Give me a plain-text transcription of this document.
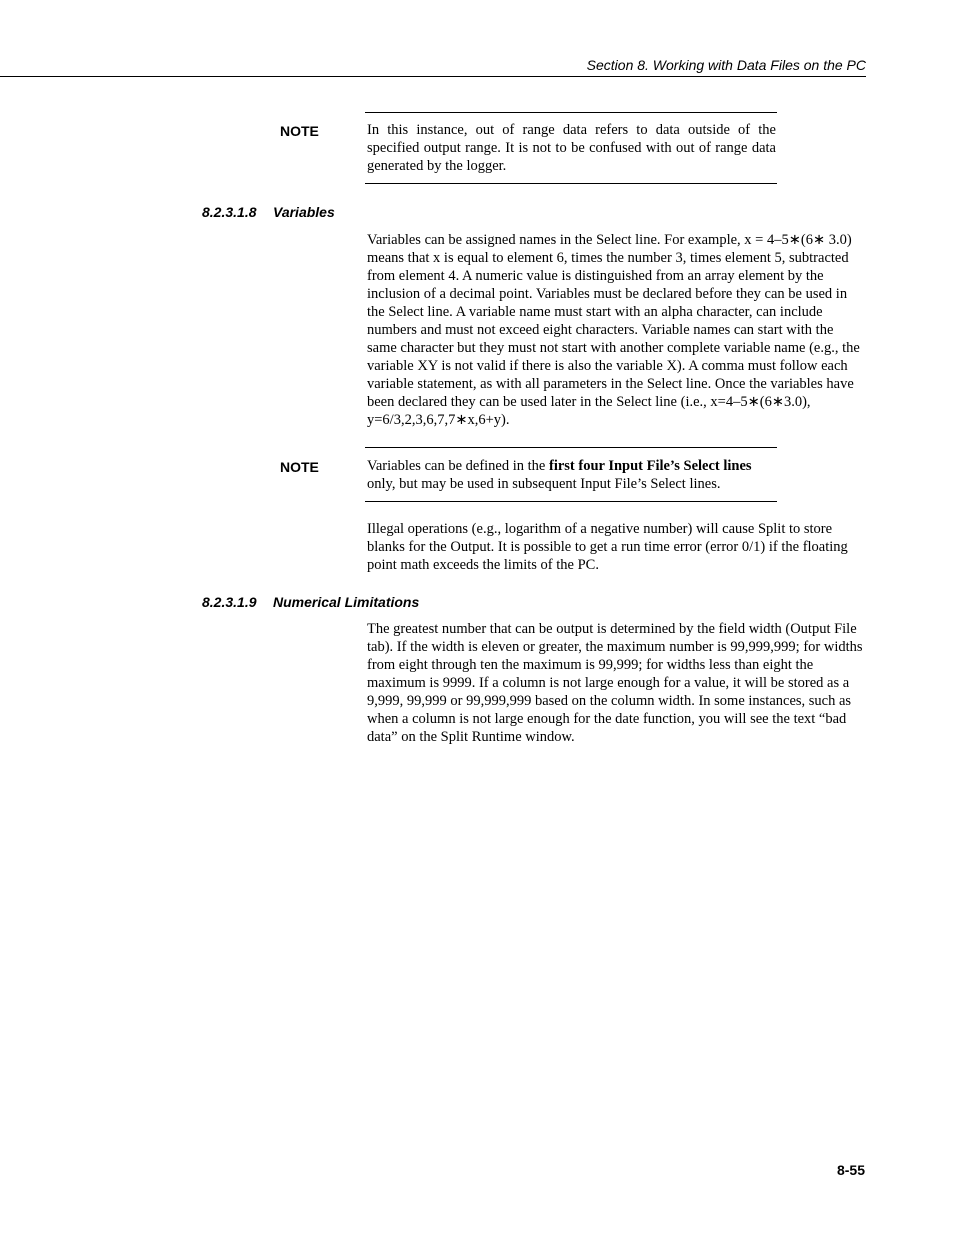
Section 8. Working with Data Files on the PC
NOTE	In this instance, out of range data refers to data outside of the specified output range. It is not to be confused with out of range data generated by the logger.
8.2.3.1.8 Variables
Variables can be assigned names in the Select line. For example, x = 4–5∗(6∗ 3.0) means that x is equal to element 6, times the number 3, times element 5, subtracted from element 4. A numeric value is distinguished from an array element by the inclusion of a decimal point. Variables must be declared before they can be used in the Select line. A variable name must start with an alpha character, can include numbers and must not exceed eight characters. Variable names can start with the same character but they must not start with another complete variable name (e.g., the variable XY is not valid if there is also the variable X). A comma must follow each variable statement, as with all parameters in the Select line. Once the variables have been declared they can be used later in the Select line (i.e., x=4–5∗(6∗3.0), y=6/3,2,3,6,7,7∗x,6+y).
NOTE	Variables can be defined in the first four Input File’s Select lines only, but may be used in subsequent Input File’s Select lines.
Illegal operations (e.g., logarithm of a negative number) will cause Split to store blanks for the Output. It is possible to get a run time error (error 0/1) if the floating point math exceeds the limits of the PC.
8.2.3.1.9 Numerical Limitations
The greatest number that can be output is determined by the field width (Output File tab). If the width is eleven or greater, the maximum number is 99,999,999; for widths from eight through ten the maximum is 99,999; for widths less than eight the maximum is 9999. If a column is not large enough for a value, it will be stored as a 9,999, 99,999 or 99,999,999 based on the column width. In some instances, such as when a column is not large enough for the date function, you will see the text “bad data” on the Split Runtime window.
8-55
